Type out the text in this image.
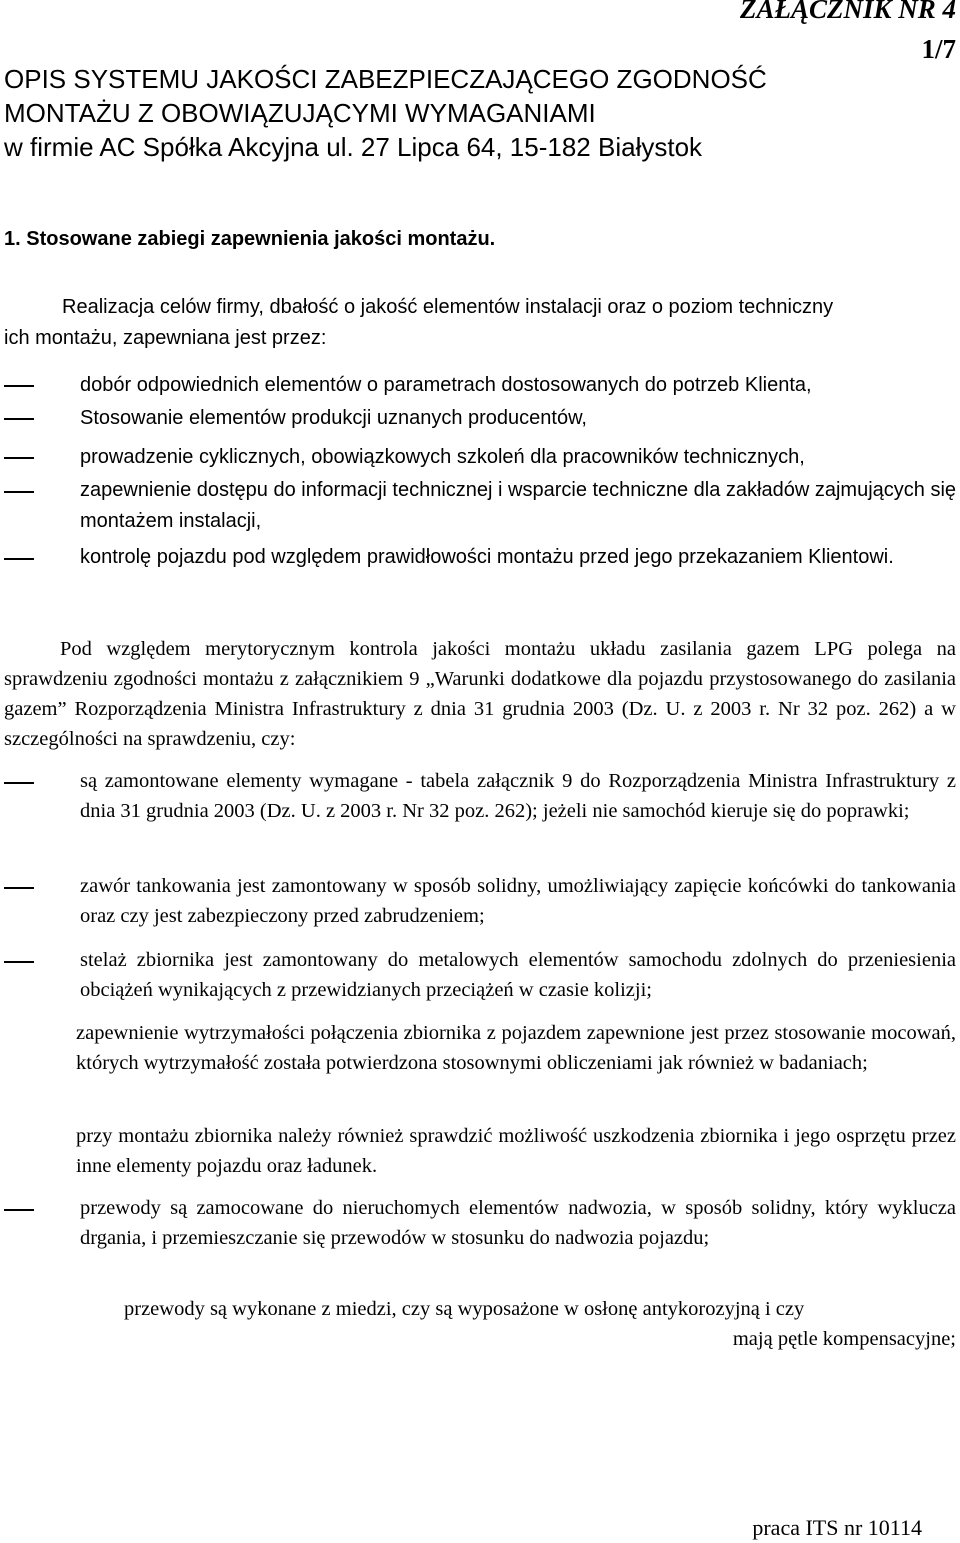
ZAŁĄCZNIK NR 4
1/7
OPIS SYSTEMU JAKOŚCI ZABEZPIECZAJĄCEGO ZGODNOŚĆ
MONTAŻU Z OBOWIĄZUJĄCYMI WYMAGANIAMI
w firmie AC Spółka Akcyjna ul. 27 Lipca 64, 15-182 Białystok
1. Stosowane zabiegi zapewnienia jakości montażu.
Realizacja celów firmy, dbałość o jakość elementów instalacji oraz o poziom techniczny
ich montażu, zapewniana jest przez:
dobór odpowiednich elementów o parametrach dostosowanych do potrzeb Klienta,
Stosowanie elementów produkcji uznanych producentów,
prowadzenie cyklicznych, obowiązkowych szkoleń dla pracowników technicznych,
zapewnienie dostępu do informacji technicznej i wsparcie techniczne dla zakładów zajmujących się montażem instalacji,
kontrolę pojazdu pod względem prawidłowości montażu przed jego przekazaniem Klientowi.
Pod względem merytorycznym kontrola jakości montażu układu zasilania gazem LPG polega na sprawdzeniu zgodności montażu z załącznikiem 9 „Warunki dodatkowe dla pojazdu przystosowanego do zasilania gazem” Rozporządzenia Ministra Infrastruktury z dnia 31 grudnia 2003 (Dz. U. z 2003 r. Nr 32 poz. 262) a w szczególności na sprawdzeniu, czy:
są zamontowane elementy wymagane - tabela załącznik 9 do Rozporządzenia Ministra Infrastruktury z dnia 31 grudnia 2003 (Dz. U. z 2003 r. Nr 32 poz. 262); jeżeli nie samochód kieruje się do poprawki;
zawór tankowania jest zamontowany w sposób solidny, umożliwiający zapięcie końcówki do tankowania oraz czy jest zabezpieczony przed zabrudzeniem;
stelaż zbiornika jest zamontowany do metalowych elementów samochodu zdolnych do przeniesienia obciążeń wynikających z przewidzianych przeciążeń w czasie kolizji;
zapewnienie wytrzymałości połączenia zbiornika z pojazdem zapewnione jest przez stosowanie mocowań, których wytrzymałość została potwierdzona stosownymi obliczeniami jak również w badaniach;
przy montażu zbiornika należy również sprawdzić możliwość uszkodzenia zbiornika i jego osprzętu przez inne elementy pojazdu oraz ładunek.
przewody są zamocowane do nieruchomych elementów nadwozia, w sposób solidny, który wyklucza drgania, i przemieszczanie się przewodów w stosunku do nadwozia pojazdu;
przewody są wykonane z miedzi, czy są wyposażone w osłonę antykorozyjną i czy
mają pętle kompensacyjne;
praca ITS nr 10114
